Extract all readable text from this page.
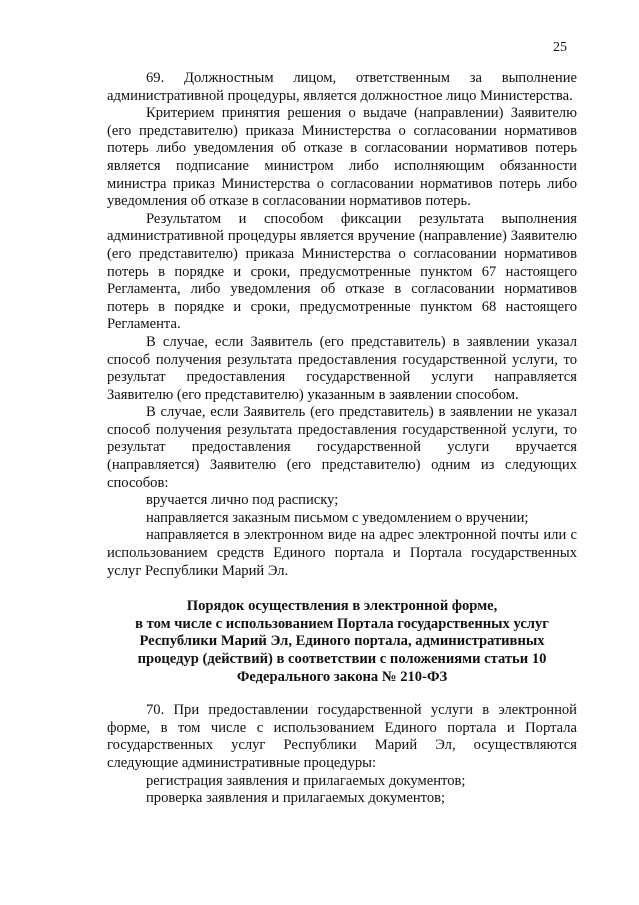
25

69. Должностным лицом, ответственным за выполнение административной процедуры, является должностное лицо Министерства.

Критерием принятия решения о выдаче (направлении) Заявителю (его представителю) приказа Министерства о согласовании нормативов потерь либо уведомления об отказе в согласовании нормативов потерь является подписание министром либо исполняющим обязанности министра приказ Министерства о согласовании нормативов потерь либо уведомления об отказе в согласовании нормативов потерь.

Результатом и способом фиксации результата выполнения административной процедуры является вручение (направление) Заявителю (его представителю) приказа Министерства о согласовании нормативов потерь в порядке и сроки, предусмотренные пунктом 67 настоящего Регламента, либо уведомления об отказе в согласовании нормативов потерь в порядке и сроки, предусмотренные пунктом 68 настоящего Регламента.

В случае, если Заявитель (его представитель) в заявлении указал способ получения результата предоставления государственной услуги, то результат предоставления государственной услуги направляется Заявителю (его представителю) указанным в заявлении способом.

В случае, если Заявитель (его представитель) в заявлении не указал способ получения результата предоставления государственной услуги, то результат предоставления государственной услуги вручается (направляется) Заявителю (его представителю) одним из следующих способов:

вручается лично под расписку;

направляется заказным письмом с уведомлением о вручении;

направляется в электронном виде на адрес электронной почты или с использованием средств Единого портала и Портала государственных услуг Республики Марий Эл.

Порядок осуществления в электронной форме,
в том числе с использованием Портала государственных услуг
Республики Марий Эл, Единого портала, административных
процедур (действий) в соответствии с положениями статьи 10
Федерального закона № 210-ФЗ

70. При предоставлении государственной услуги в электронной форме, в том числе с использованием Единого портала и Портала государственных услуг Республики Марий Эл, осуществляются следующие административные процедуры:

регистрация заявления и прилагаемых документов;

проверка заявления и прилагаемых документов;
